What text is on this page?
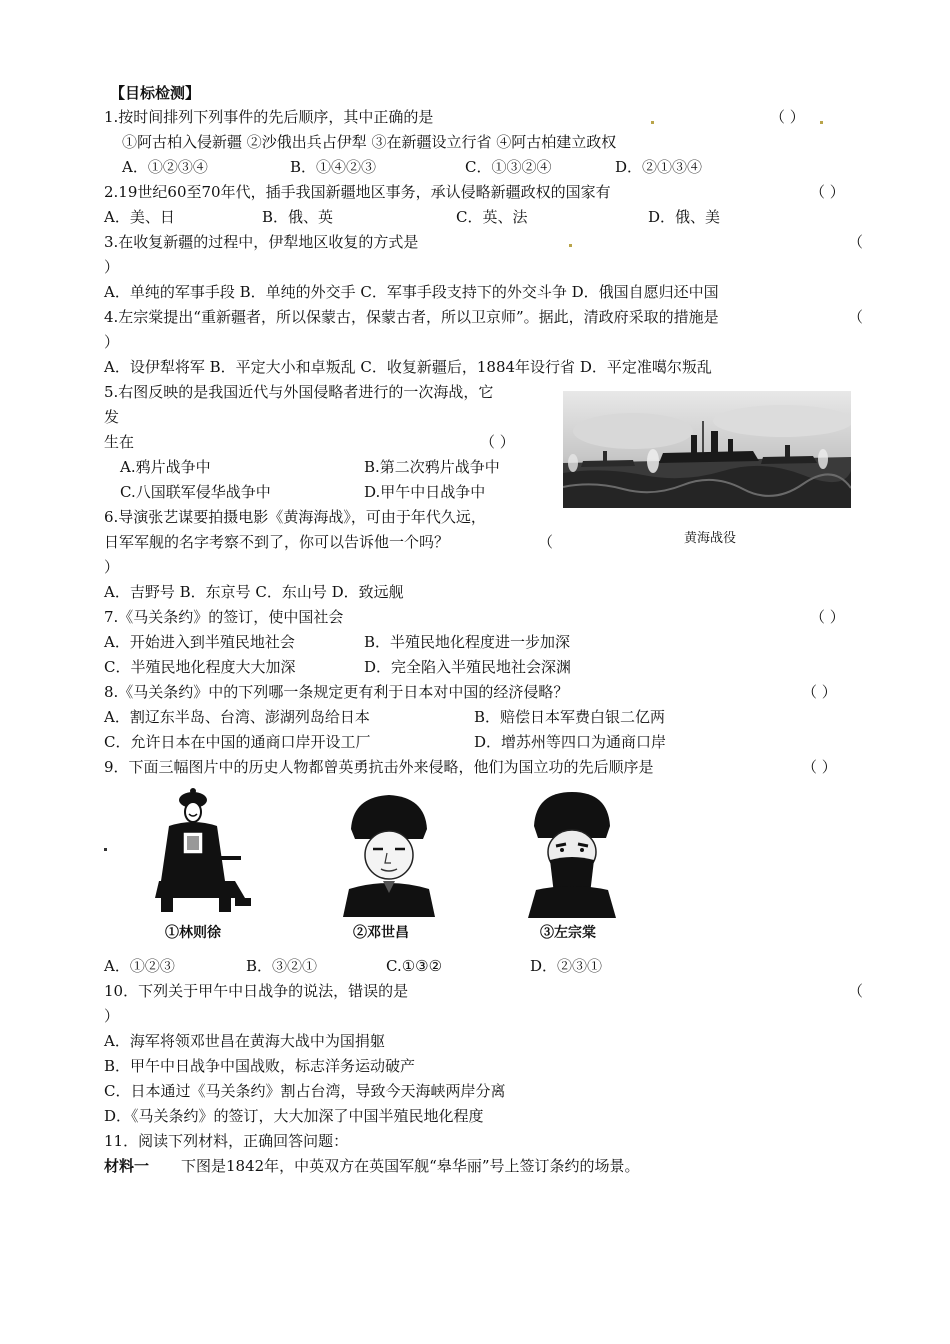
【目标检测】
1.按时间排列下列事件的先后顺序，其中正确的是	（ ）
①阿古柏入侵新疆 ②沙俄出兵占伊犁 ③在新疆设立行省 ④阿古柏建立政权
A．①②③④	B．①④②③	C．①③②④	D．②①③④
2.19世纪60至70年代，插手我国新疆地区事务，承认侵略新疆政权的国家有	（ ）
A．美、日	B．俄、英	C．英、法	D．俄、美
3.在收复新疆的过程中，伊犁地区收复的方式是	（
）
A．单纯的军事手段 B．单纯的外交手 C．军事手段支持下的外交斗争 D．俄国自愿归还中国
4.左宗棠提出“重新疆者，所以保蒙古，保蒙古者，所以卫京师”。据此，清政府采取的措施是	（
）
A．设伊犁将军 B．平定大小和卓叛乱 C．收复新疆后，1884年设行省 D．平定准噶尔叛乱
5.右图反映的是我国近代与外国侵略者进行的一次海战，它
发
生在	（ ）
A.鸦片战争中	B.第二次鸦片战争中
C.八国联军侵华战争中	D.甲午中日战争中
黄海战役
6.导演张艺谋要拍摄电影《黄海海战》，可由于年代久远，
日军军舰的名字考察不到了，你可以告诉他一个吗？	（
）
A．吉野号 B．东京号 C．东山号 D．致远舰
7.《马关条约》的签订，使中国社会	（ ）
A．开始进入到半殖民地社会	B．半殖民地化程度进一步加深
C．半殖民地化程度大大加深	D．完全陷入半殖民地社会深渊
8.《马关条约》中的下列哪一条规定更有利于日本对中国的经济侵略？	（ ）
A．割辽东半岛、台湾、澎湖列岛给日本	B．赔偿日本军费白银二亿两
C．允许日本在中国的通商口岸开设工厂	D．增苏州等四口为通商口岸
9．下面三幅图片中的历史人物都曾英勇抗击外来侵略，他们为国立功的先后顺序是	（ ）
①林则徐	②邓世昌	③左宗棠
A．①②③	B．③②①	C.①③②	D．②③①
10．下列关于甲午中日战争的说法，错误的是	（
）
A．海军将领邓世昌在黄海大战中为国捐躯
B．甲午中日战争中国战败，标志洋务运动破产
C．日本通过《马关条约》割占台湾，导致今天海峡两岸分离
D．《马关条约》的签订，大大加深了中国半殖民地化程度
11．阅读下列材料，正确回答问题：
材料一 下图是1842年，中英双方在英国军舰“皋华丽”号上签订条约的场景。
